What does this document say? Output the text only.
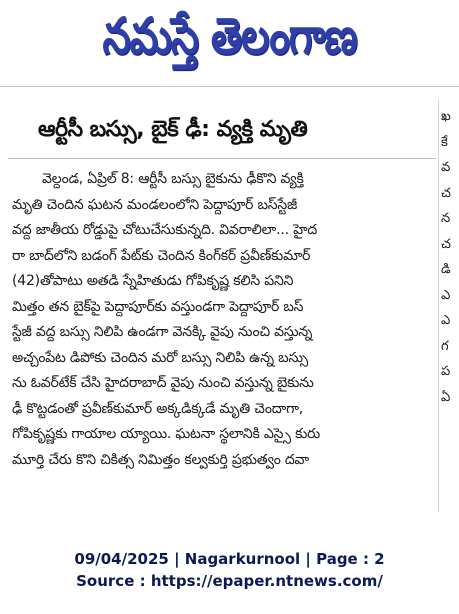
నమస్తే తెలంగాణ
ఆర్టీసీ బస్సు, బైక్ ఢీ: వ్యక్తి మృతి
వెల్దండ, ఏప్రిల్ 8: ఆర్టీసీ బస్సు బైకును ఢీకొని వ్యక్తి
మృతి చెందిన ఘటన మండలంలోని పెద్దాపూర్ బస్‌స్టేజీ
వద్ద జాతీయ రోడ్డుపై చోటుచేసుకున్నది. వివరాలిలా... హైద
రా బాద్‌లోని బడంగ్ పేట్‌కు చెందిన కింగ్‌కర్ ప్రవీణ్‌కుమార్
(42)తోపాటు అతడి స్నేహితుడు గోపికృష్ణ కలిసి పనిని
మిత్తం తన బైక్‌పై పెద్దాపూర్‌కు వస్తుండగా పెద్దాపూర్ బస్
స్టేజీ వద్ద బస్సు నిలిపి ఉండగా వెనక్కి వైపు నుంచి వస్తున్న
అచ్చంపేట డిపోకు చెందిన మరో బస్సు నిలిపి ఉన్న బస్సు
ను ఓవర్‌టేక్ చేసి హైదరాబాద్ వైపు నుంచి వస్తున్న బైకును
ఢీ కొట్టడంతో ప్రవీణ్‌కుమార్ అక్కడిక్కడే మృతి చెందాగా,
గోపికృష్ణకు గాయాల య్యాయి. ఘటనా స్థలానికి ఎస్సై కురు
మూర్తి చేరు కొని చికిత్స నిమిత్తం కల్వకుర్తి ప్రభుత్వం దవా
ఖ
కే
వ
చ
న
చ
డి
ఎ
ఎ
గ
ప
ఏ
09/04/2025 | Nagarkurnool | Page : 2
Source : https://epaper.ntnews.com/
